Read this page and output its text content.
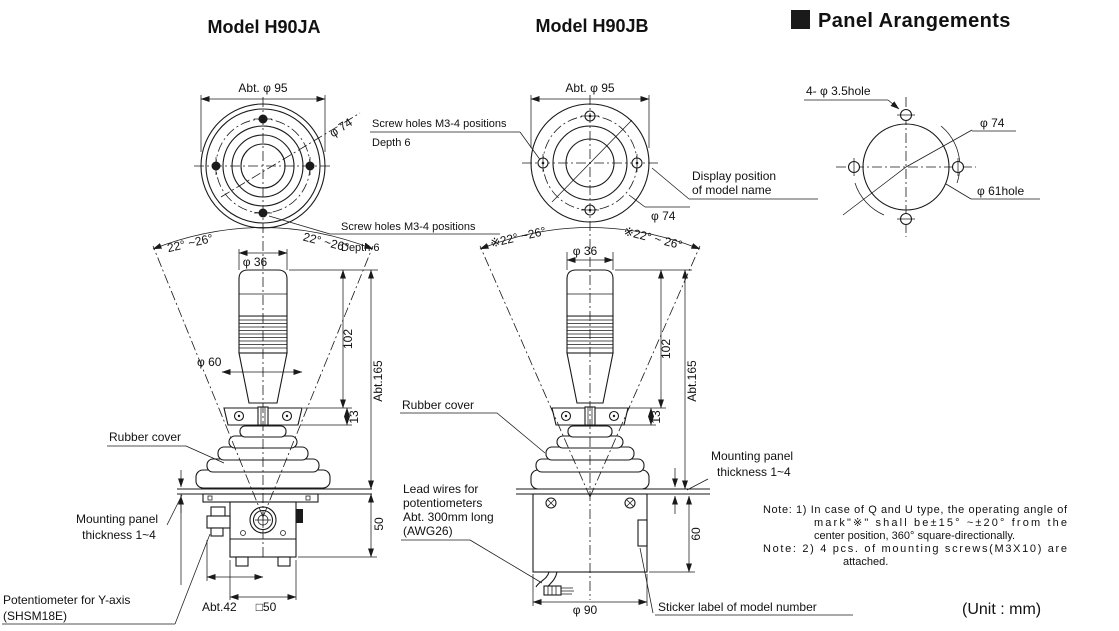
Model H90JA	Model H90JB	Panel Arangements
Abt. φ 95
φ 74 Screw holes M3-4 positions
Depth 6
Screw holes M3-4 positions
Depth 6
22° ~26°	22° ~26°
φ 36
φ 60
102
13
Abt.165
50
Abt.42 □50
Rubber cover
Mounting panel
thickness 1~4
Potentiometer for Y-axis
(SHSM18E)
Abt. φ 95
φ 74
Display position
of model name
※22° ~26°	※22° ~ 26°
φ 36
102
13
Abt.165
60
φ 90
Rubber cover
Lead wires for
potentiometers
Abt. 300mm long
(AWG26)
Mounting panel
thickness 1~4
Sticker label of model number
4- φ 3.5hole
φ 74
φ 61hole
Note: 1) In case of Q and U type, the operating angle of
mark"※" shall be±15° ~±20° from the
center position, 360° square-directionally.
Note: 2) 4 pcs. of mounting screws(M3X10) are
attached.
(Unit : mm)
